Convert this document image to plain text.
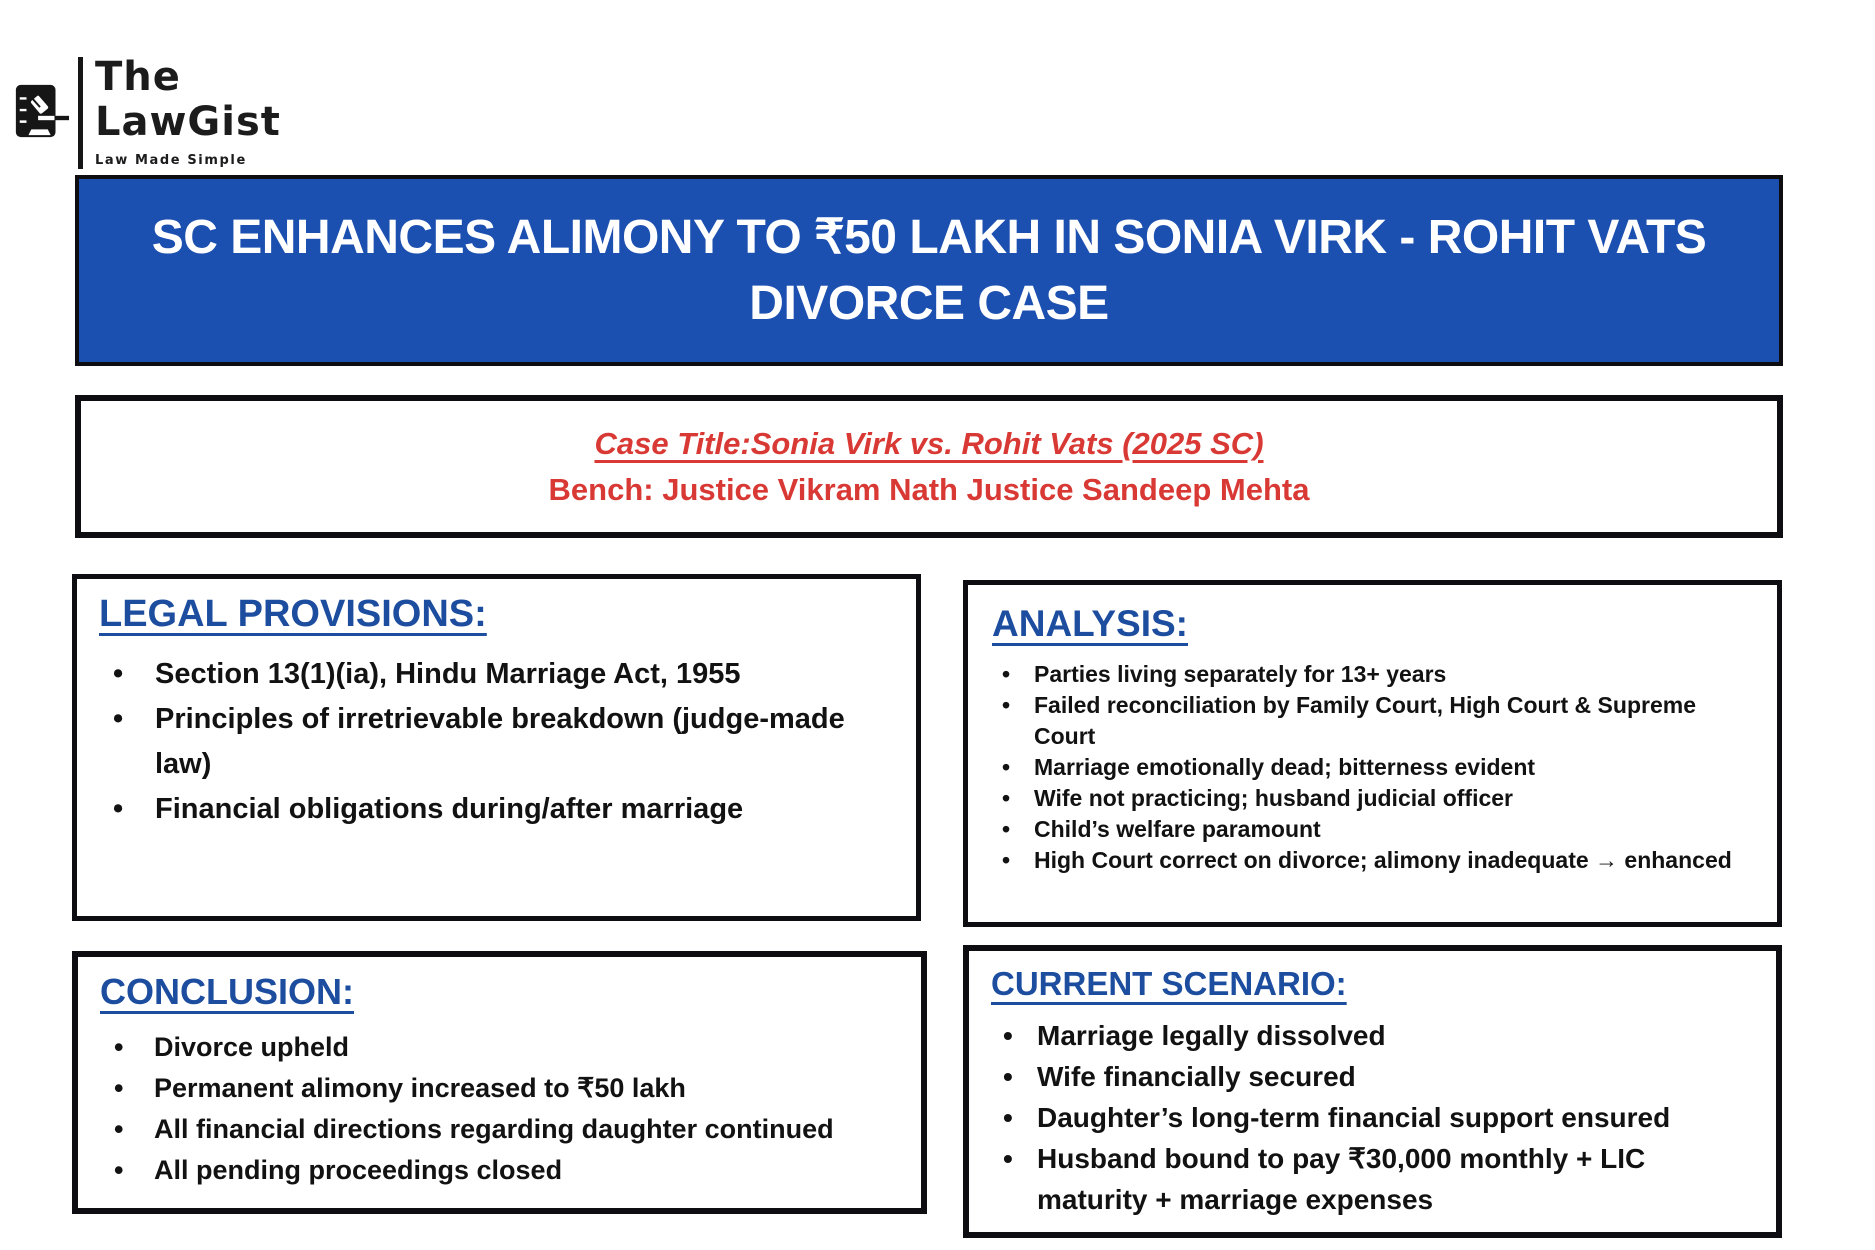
The
LawGist
Law Made Simple
SC ENHANCES ALIMONY TO ₹50 LAKH IN SONIA VIRK - ROHIT VATS
DIVORCE CASE
Case Title:Sonia Virk vs. Rohit Vats (2025 SC)
Bench: Justice Vikram Nath Justice Sandeep Mehta
LEGAL PROVISIONS:
• Section 13(1)(ia), Hindu Marriage Act, 1955
• Principles of irretrievable breakdown (judge-made law)
• Financial obligations during/after marriage
ANALYSIS:
• Parties living separately for 13+ years
• Failed reconciliation by Family Court, High Court & Supreme Court
• Marriage emotionally dead; bitterness evident
• Wife not practicing; husband judicial officer
• Child’s welfare paramount
• High Court correct on divorce; alimony inadequate → enhanced
CONCLUSION:
• Divorce upheld
• Permanent alimony increased to ₹50 lakh
• All financial directions regarding daughter continued
• All pending proceedings closed
CURRENT SCENARIO:
• Marriage legally dissolved
• Wife financially secured
• Daughter’s long-term financial support ensured
• Husband bound to pay ₹30,000 monthly + LIC maturity + marriage expenses
